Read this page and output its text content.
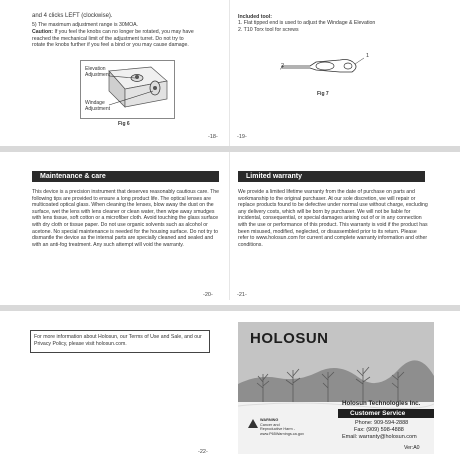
and 4 clicks LEFT (clockwise).
5) The maximum adjustment range is 30MOA.
Caution: If you feel the knobs can no longer be rotated, you may have
reached the mechanical limit of the adjustment turret. Do not try to
rotate the knobs further if you feel a bind or you may cause damage.
Elevation Adjustment
Windage Adjustment
Fig 6
-18-
Included tool:
1. Flat tipped end is used to adjust the Windage & Elevation
2. T10 Torx tool for screws
1
2
Fig 7
-19-
Maintenance & care
This device is a precision instrument that deserves reasonably cautious care. The following tips are provided to ensure a long product life. The optical lenses are multicoated optical glass. When cleaning the lenses, blow away the dust on the surface, wet the lens with lens cleaner or clean water, then wipe away smudges with lens tissue, soft cotton or a microfiber cloth. Avoid touching the glass surface with dry cloth or tissue paper. Do not use organic solvents such as alcohol or acetone. No special maintenance is needed for the housing surface. Do not try to dismantle the device as the internal parts are specially cleaned and sealed and with an anti-fog treatment. Any such attempt will void the warranty.
-20-
Limited warranty
We provide a limited lifetime warranty from the date of purchase on parts and workmanship to the original purchaser. At our sole discretion, we will repair or replace products found to be defective under normal use without charge, excluding any delivery costs, which will be born by purchaser. We will not be liable for incidental, consequential, or special damages arising out of or in any connection with the use or performance of this product. This warranty is void if the product has been misused, modified, neglected, or disassembled prior to its return. Please refer to www.holosun.com for current and complete warranty information and other conditions.
-21-
For more information about Holosun, our Terms of Use and Sale, and our Privacy Policy, please visit holosun.com.
-22-
HOLOSUN
Holosun Technologies Inc.
Customer Service
Phone: 909-594-2888
Fax: (909) 598-4888
Email: warranty@holosun.com
Ver:A0
WARNING
Cancer and
Reproductive Harm -
www.P65Warnings.ca.gov
